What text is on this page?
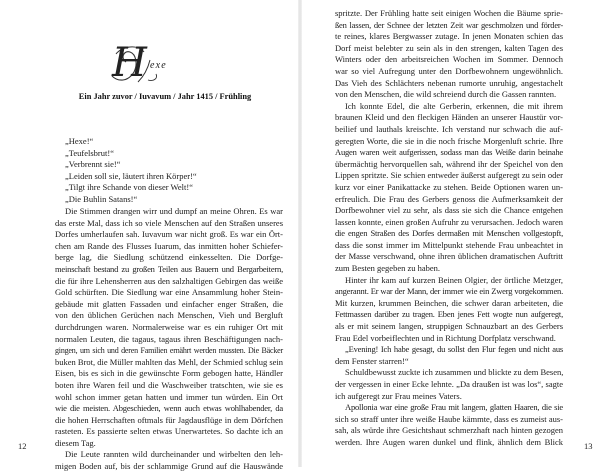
H exe
Ein Jahr zuvor / Iuvavum / Jahr 1415 / Frühling
„Hexe!“
„Teufelsbrut!“
„Verbrennt sie!“
„Leiden soll sie, läutert ihren Körper!“
„Tilgt ihre Schande von dieser Welt!“
„Die Buhlin Satans!“
Die Stimmen drangen wirr und dumpf an meine Ohren. Es war
das erste Mal, dass ich so viele Menschen auf den Straßen unseres
Dorfes umherlaufen sah. Iuvavum war nicht groß. Es war ein Ört-
chen am Rande des Flusses Iuarum, das inmitten hoher Schiefer-
berge lag, die Siedlung schützend einkesselten. Die Dorfge-
meinschaft bestand zu großen Teilen aus Bauern und Bergarbeitern,
die für ihre Lehensherren aus den salzhaltigen Gebirgen das weiße
Gold schürften. Die Siedlung war eine Ansammlung hoher Stein-
gebäude mit glatten Fassaden und einfacher enger Straßen, die
von den üblichen Gerüchen nach Menschen, Vieh und Bergluft
durchdrungen waren. Normalerweise war es ein ruhiger Ort mit
normalen Leuten, die tagaus, tagaus ihren Beschäftigungen nach-
gingen, um sich und deren Familien ernährt werden mussten. Die Bäcker
buken Brot, die Müller mahlten das Mehl, der Schmied schlug sein
Eisen, bis es sich in die gewünschte Form gebogen hatte, Händler
boten ihre Waren feil und die Waschweiber tratschten, wie sie es
wohl schon immer getan hatten und immer tun würden. Ein Ort
wie die meisten. Abgeschieden, wenn auch etwas wohlhabender, da
die hohen Herrschaften oftmals für Jagdausflüge in dem Dörfchen
rasteten. Es passierte selten etwas Unerwartetes. So dachte ich an
diesem Tag.
Die Leute rannten wild durcheinander und wirbelten den leh-
migen Boden auf, bis der schlammige Grund auf die Hauswände
12
spritzte. Der Frühling hatte seit einigen Wochen die Bäume sprie-
ßen lassen, der Schnee der letzten Zeit war geschmolzen und förder-
te reines, klares Bergwasser zutage. In jenen Monaten schien das
Dorf meist belebter zu sein als in den strengen, kalten Tagen des
Winters oder den arbeitsreichen Wochen im Sommer. Dennoch
war so viel Aufregung unter den Dorfbewohnern ungewöhnlich.
Das Vieh des Schlächters nebenan rumorte unruhig, angestachelt
von den Menschen, die wild schreiend durch die Gassen rannten.
Ich konnte Edel, die alte Gerberin, erkennen, die mit ihrem
braunen Kleid und den fleckigen Händen an unserer Haustür vor-
beilief und lauthals kreischte. Ich verstand nur schwach die auf-
geregten Worte, die sie in die noch frische Morgenluft schrie. Ihre
Augen waren weit aufgerissen, sodass man das Weiße darin beinahe
übermächtig hervorquellen sah, während ihr der Speichel von den
Lippen spritzte. Sie schien entweder äußerst aufgeregt zu sein oder
kurz vor einer Panikattacke zu stehen. Beide Optionen waren un-
erfreulich. Die Frau des Gerbers genoss die Aufmerksamkeit der
Dorfbewohner viel zu sehr, als dass sie sich die Chance entgehen
lassen konnte, einen großen Aufruhr zu verursachen. Jedoch waren
die engen Straßen des Dorfes dermaßen mit Menschen vollgestopft,
dass die sonst immer im Mittelpunkt stehende Frau unbeachtet in
der Masse verschwand, ohne ihren üblichen dramatischen Auftritt
zum Besten gegeben zu haben.
Hinter ihr kam auf kurzen Beinen Olgier, der örtliche Metzger,
angerannt. Er war der Mann, der immer wie ein Zwerg vorgekommen.
Mit kurzen, krummen Beinchen, die schwer daran arbeiteten, die
Fettmassen darüber zu tragen. Eben jenes Fett wogte nun aufgeregt,
als er mit seinem langen, struppigen Schnauzbart an des Gerbers
Frau Edel vorbeiflechten und in Richtung Dorfplatz verschwand.
„Evening! Ich habe gesagt, du sollst den Flur fegen und nicht aus
dem Fenster starren!“
Schuldbewusst zuckte ich zusammen und blickte zu dem Besen,
der vergessen in einer Ecke lehnte. „Da draußen ist was los“, sagte
ich aufgeregt zur Frau meines Vaters.
Apollonia war eine große Frau mit langem, glatten Haaren, die sie
sich so straff unter ihre weiße Haube kämmte, dass es zumeist aus-
sah, als würde ihre Gesichtshaut schmerzhaft nach hinten gezogen
werden. Ihre Augen waren dunkel und flink, ähnlich dem Blick 13
